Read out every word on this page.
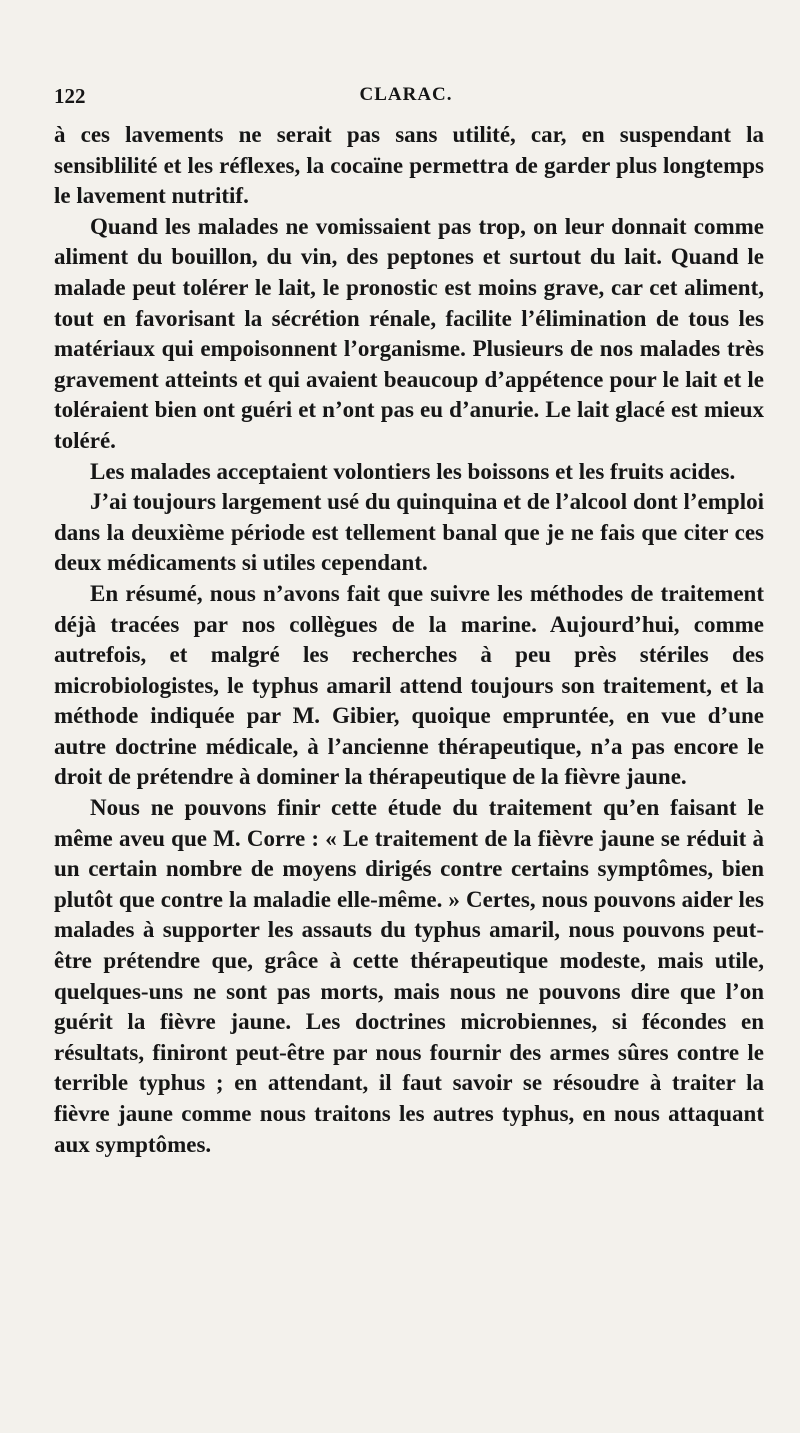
122	CLARAC.

à ces lavements ne serait pas sans utilité, car, en suspendant la sensiblilité et les réflexes, la cocaïne permettra de garder plus longtemps le lavement nutritif.

Quand les malades ne vomissaient pas trop, on leur donnait comme aliment du bouillon, du vin, des peptones et surtout du lait. Quand le malade peut tolérer le lait, le pronostic est moins grave, car cet aliment, tout en favorisant la sécrétion rénale, facilite l’élimination de tous les matériaux qui empoisonnent l’organisme. Plusieurs de nos malades très gravement atteints et qui avaient beaucoup d’appétence pour le lait et le toléraient bien ont guéri et n’ont pas eu d’anurie. Le lait glacé est mieux toléré.

Les malades acceptaient volontiers les boissons et les fruits acides.

J’ai toujours largement usé du quinquina et de l’alcool dont l’emploi dans la deuxième période est tellement banal que je ne fais que citer ces deux médicaments si utiles cependant.

En résumé, nous n’avons fait que suivre les méthodes de traitement déjà tracées par nos collègues de la marine. Aujourd’hui, comme autrefois, et malgré les recherches à peu près stériles des microbiologistes, le typhus amaril attend toujours son traitement, et la méthode indiquée par M. Gibier, quoique empruntée, en vue d’une autre doctrine médicale, à l’ancienne thérapeutique, n’a pas encore le droit de prétendre à dominer la thérapeutique de la fièvre jaune.

Nous ne pouvons finir cette étude du traitement qu’en faisant le même aveu que M. Corre : « Le traitement de la fièvre jaune se réduit à un certain nombre de moyens dirigés contre certains symptômes, bien plutôt que contre la maladie elle-même. » Certes, nous pouvons aider les malades à supporter les assauts du typhus amaril, nous pouvons peut-être prétendre que, grâce à cette thérapeutique modeste, mais utile, quelques-uns ne sont pas morts, mais nous ne pouvons dire que l’on guérit la fièvre jaune. Les doctrines microbiennes, si fécondes en résultats, finiront peut-être par nous fournir des armes sûres contre le terrible typhus ; en attendant, il faut savoir se résoudre à traiter la fièvre jaune comme nous traitons les autres typhus, en nous attaquant aux symptômes.
